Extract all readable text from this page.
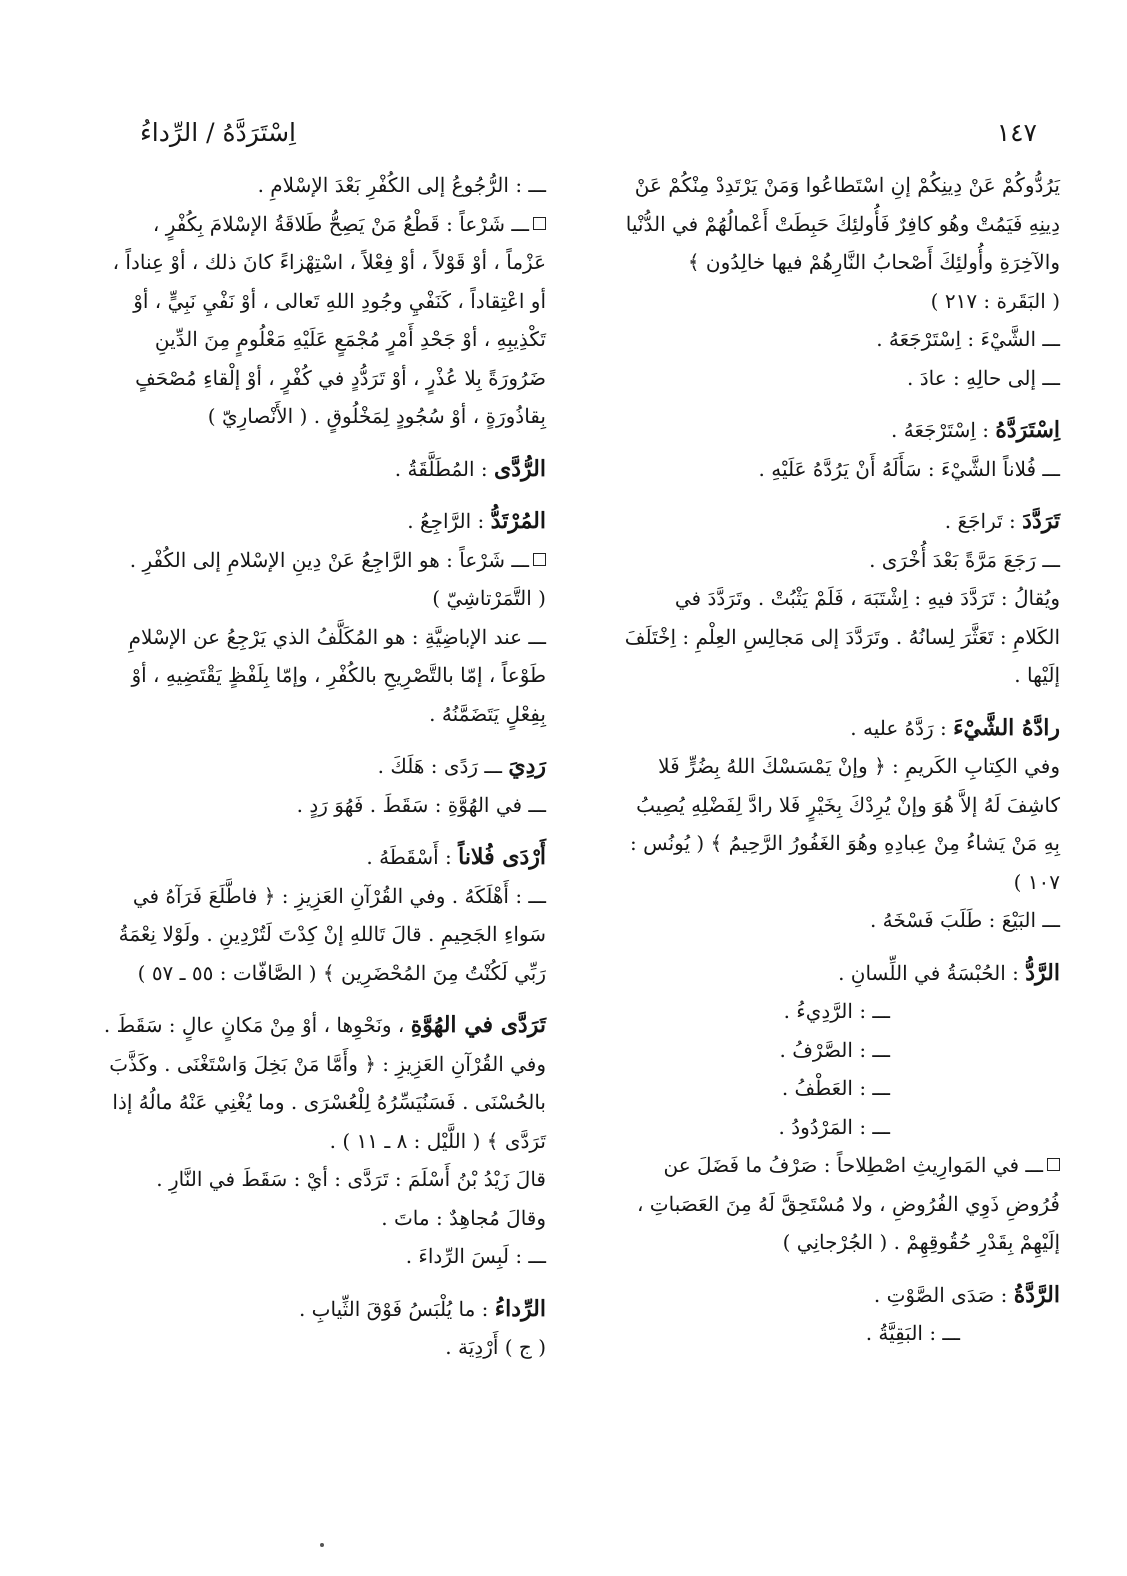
اِسْتَرَدَّهُ / الرِّداءُ	١٤٧
يَرُدُّوكُمْ عَنْ دِينِكُمْ إنِ اسْتَطاعُوا وَمَنْ يَرْتَدِدْ مِنْكُمْ عَنْ
دِينِهِ فَيَمُتْ وهُو كافِرٌ فَأُولئِكَ حَبِطَتْ أَعْمالُهُمْ في الدُّنْيا
والآخِرَةِ وأُولئِكَ أَصْحابُ النَّارِهُمْ فيها خالِدُون ﴾
( البَقَرة : ٢١٧ )
ـــ الشَّيْءَ : اِسْتَرْجَعَهُ .
ـــ إلى حالِهِ : عادَ .
اِسْتَرَدَّهُ : اِسْتَرْجَعَهُ .
ـــ فُلاناً الشَّيْءَ : سَأَلَهُ أَنْ يَرُدَّهُ عَلَيْهِ .
تَرَدَّدَ : تَراجَعَ .
ـــ رَجَعَ مَرَّةً بَعْدَ أُخْرَى .
ويُقالُ : تَرَدَّدَ فيهِ : اِشْتَبَهَ ، فَلَمْ يَثْبُتْ . وتَرَدَّدَ في
الكَلامِ : تَعَثَّرَ لِسانُهُ . وتَرَدَّدَ إلى مَجالِسِ العِلْمِ : اِخْتَلَفَ
إلَيْها .
رادَّهُ الشَّيْءَ : رَدَّهُ عليه .
وفي الكِتابِ الكَريمِ : ﴿ وإنْ يَمْسَسْكَ اللهُ بِضُرٍّ فَلا
كاشِفَ لَهُ إلاَّ هُوَ وإنْ يُرِدْكَ بِخَيْرٍ فَلا رادَّ لِفَضْلِهِ يُصِيبُ
بِهِ مَنْ يَشاءُ مِنْ عِبادِهِ وهُوَ الغَفُورُ الرَّحِيمُ ﴾ ( يُونُس :
١٠٧ )
ـــ البَيْعَ : طَلَبَ فَسْخَهُ .
الرَّدُّ : الحُبْسَةُ في اللِّسانِ .
ـــ : الرَّدِيءُ .
ـــ : الصَّرْفُ .
ـــ : العَطْفُ .
ـــ : المَرْدُودُ .
ـــ في المَوارِيثِ اصْطِلاحاً : صَرْفُ ما فَضَلَ عن
فُرُوضِ ذَوِي الفُرُوضِ ، ولا مُسْتَحِقَّ لَهُ مِنَ العَصَباتِ ،
إلَيْهِمْ بِقَدْرِ حُقُوقِهِمْ . ( الجُرْجانِي )
الرَّدَّةُ : صَدَى الصَّوْتِ .
ـــ : البَقِيَّةُ .
ـــ : الرُّجُوعُ إلى الكُفْرِ بَعْدَ الإسْلامِ .
ـــ شَرْعاً : قَطْعُ مَنْ يَصِحُّ طَلاقَةُ الإسْلامَ بِكُفْرٍ ،
عَزْماً ، أوْ قَوْلاً ، أوْ فِعْلاً ، اسْتِهْزاءً كانَ ذلك ، أوْ عِناداً ،
أو اعْتِقاداً ، كَنَفْيِ وجُودِ اللهِ تَعالى ، أوْ نَفْيِ نَبِيٍّ ، أوْ
تَكْذِيبِهِ ، أوْ جَحْدِ أَمْرٍ مُجْمَعٍ عَلَيْهِ مَعْلُومٍ مِنَ الدِّينِ
ضَرُورَةً بِلا عُذْرٍ ، أوْ تَرَدُّدٍ في كُفْرٍ ، أوْ إلْقاءِ مُصْحَفٍ
بِقاذُورَةٍ ، أوْ سُجُودٍ لِمَخْلُوقٍ . ( الأَنْصارِيّ )
الرُّدَّى : المُطَلَّقَةُ .
المُرْتَدُّ : الرَّاجِعُ .
ـــ شَرْعاً : هو الرَّاجِعُ عَنْ دِينِ الإسْلامِ إلى الكُفْرِ .
( التَّمَرْتاشِيّ )
ـــ عند الإباضِيَّةِ : هو المُكَلَّفُ الذي يَرْجِعُ عن الإسْلامِ
طَوْعاً ، إمّا بالتَّصْرِيحِ بالكُفْرِ ، وإمّا بِلَفْظٍ يَقْتَضِيهِ ، أوْ
بِفِعْلٍ يَتَضَمَّنُهُ .
رَدِيَ ـــ رَدًى : هَلَكَ .
ـــ في الهُوَّةِ : سَقَطَ . فَهُوَ رَدٍ .
أَرْدَى فُلاناً : أَسْقَطَهُ .
ـــ : أَهْلَكَهُ . وفي القُرْآنِ العَزِيزِ : ﴿ فاطَّلَعَ فَرَآهُ في
سَواءِ الجَحِيمِ . قالَ تَاللهِ إنْ كِدْتَ لَتُرْدِينِ . ولَوْلا نِعْمَةُ
رَبِّي لَكُنْتُ مِنَ المُحْضَرِين ﴾ ( الصَّافّات : ٥٥ ـ ٥٧ )
تَرَدَّى في الهُوَّةِ ، ونَحْوِها ، أوْ مِنْ مَكانٍ عالٍ : سَقَطَ .
وفي القُرْآنِ العَزِيزِ : ﴿ وأَمَّا مَنْ بَخِلَ وَاسْتَغْنَى . وكَذَّبَ
بالحُسْنَى . فَسَنُيَسِّرُهُ لِلْعُسْرَى . وما يُغْنِي عَنْهُ مالُهُ إذا
تَرَدَّى ﴾ ( اللَّيْل : ٨ ـ ١١ ) .
قالَ زَيْدُ بْنُ أَسْلَمَ : تَرَدَّى : أيْ : سَقَطَ في النَّارِ .
وقالَ مُجاهِدٌ : ماتَ .
ـــ : لَبِسَ الرِّداءَ .
الرِّداءُ : ما يُلْبَسُ فَوْقَ الثِّيابِ .
( ج ) أَرْدِيَة .
